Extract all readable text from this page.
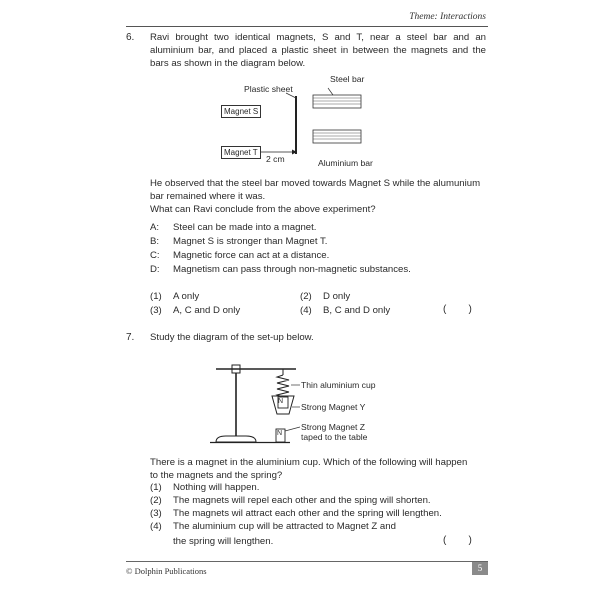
Theme: Interactions
6. Ravi brought two identical magnets, S and T, near a steel bar and an aluminium bar, and placed a plastic sheet in between the magnets and the bars as shown in the diagram below.
Plastic sheet
Steel bar
Magnet S
Magnet T
2 cm	Aluminium bar
He observed that the steel bar moved towards Magnet S while the alumunium
bar remained where it was.
What can Ravi conclude from the above experiment?
A: Steel can be made into a magnet.
B: Magnet S is stronger than Magnet T.
C: Magnetic force can act at a distance.
D: Magnetism can pass through non-magnetic substances.
(1) A only	(2) D only
(3) A, C and D only	(4) B, C and D only	(        )
7. Study the diagram of the set-up below.
N
N
Thin aluminium cup
Strong Magnet Y
Strong Magnet Z
taped to the table
There is a magnet in the aluminium cup. Which of the following will happen
to the magnets and the spring?
(1) Nothing will happen.
(2) The magnets will repel each other and the sping will shorten.
(3) The magnets wil attract each other and the spring will lengthen.
(4) The aluminium cup will be attracted to Magnet Z and
the spring will lengthen.	(        )
© Dolphin Publications	5
